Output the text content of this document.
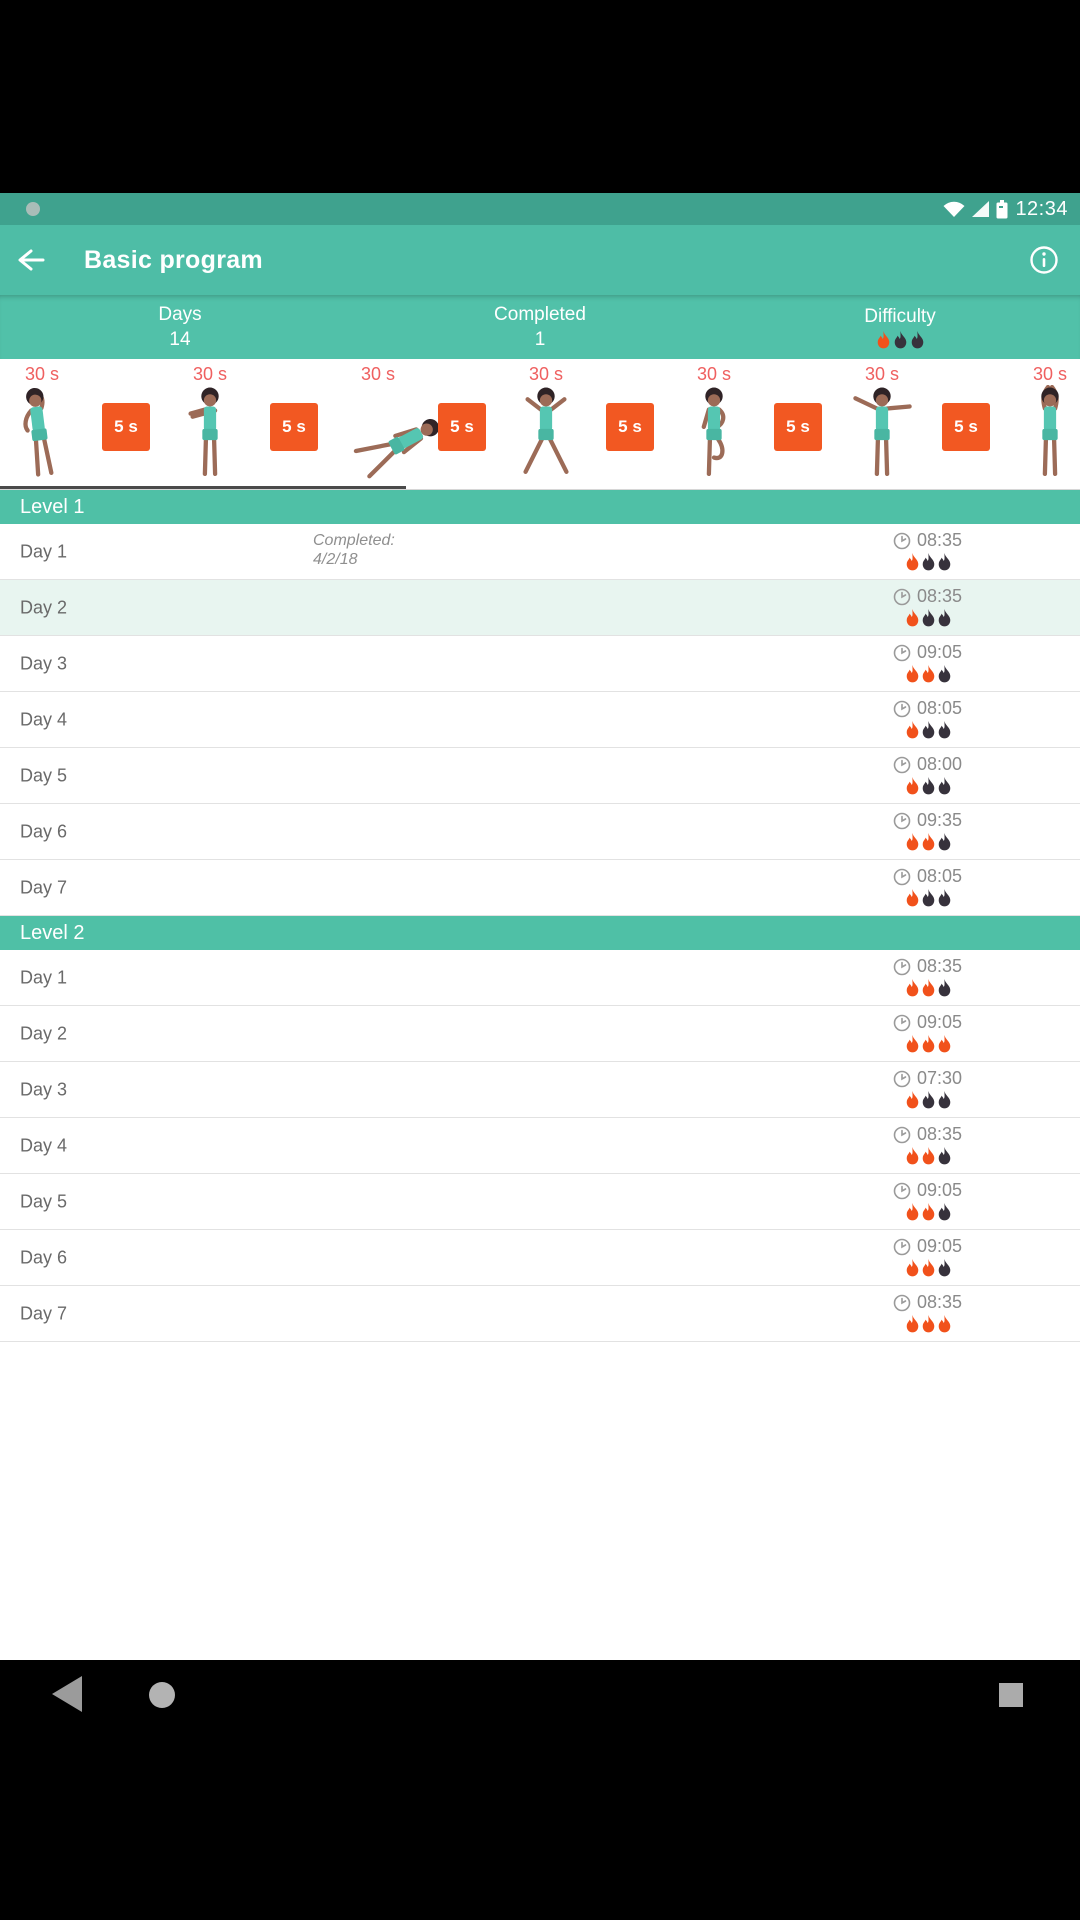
12:34
Basic program
Days
14
Completed
1
Difficulty
30 s
5 s
30 s
5 s
30 s
5 s
30 s
5 s
30 s
5 s
30 s
5 s
30 s
Level 1
Day 1
Completed:
4/2/18
08:35
Day 2
08:35
Day 3
09:05
Day 4
08:05
Day 5
08:00
Day 6
09:35
Day 7
08:05
Level 2
Day 1
08:35
Day 2
09:05
Day 3
07:30
Day 4
08:35
Day 5
09:05
Day 6
09:05
Day 7
08:35
